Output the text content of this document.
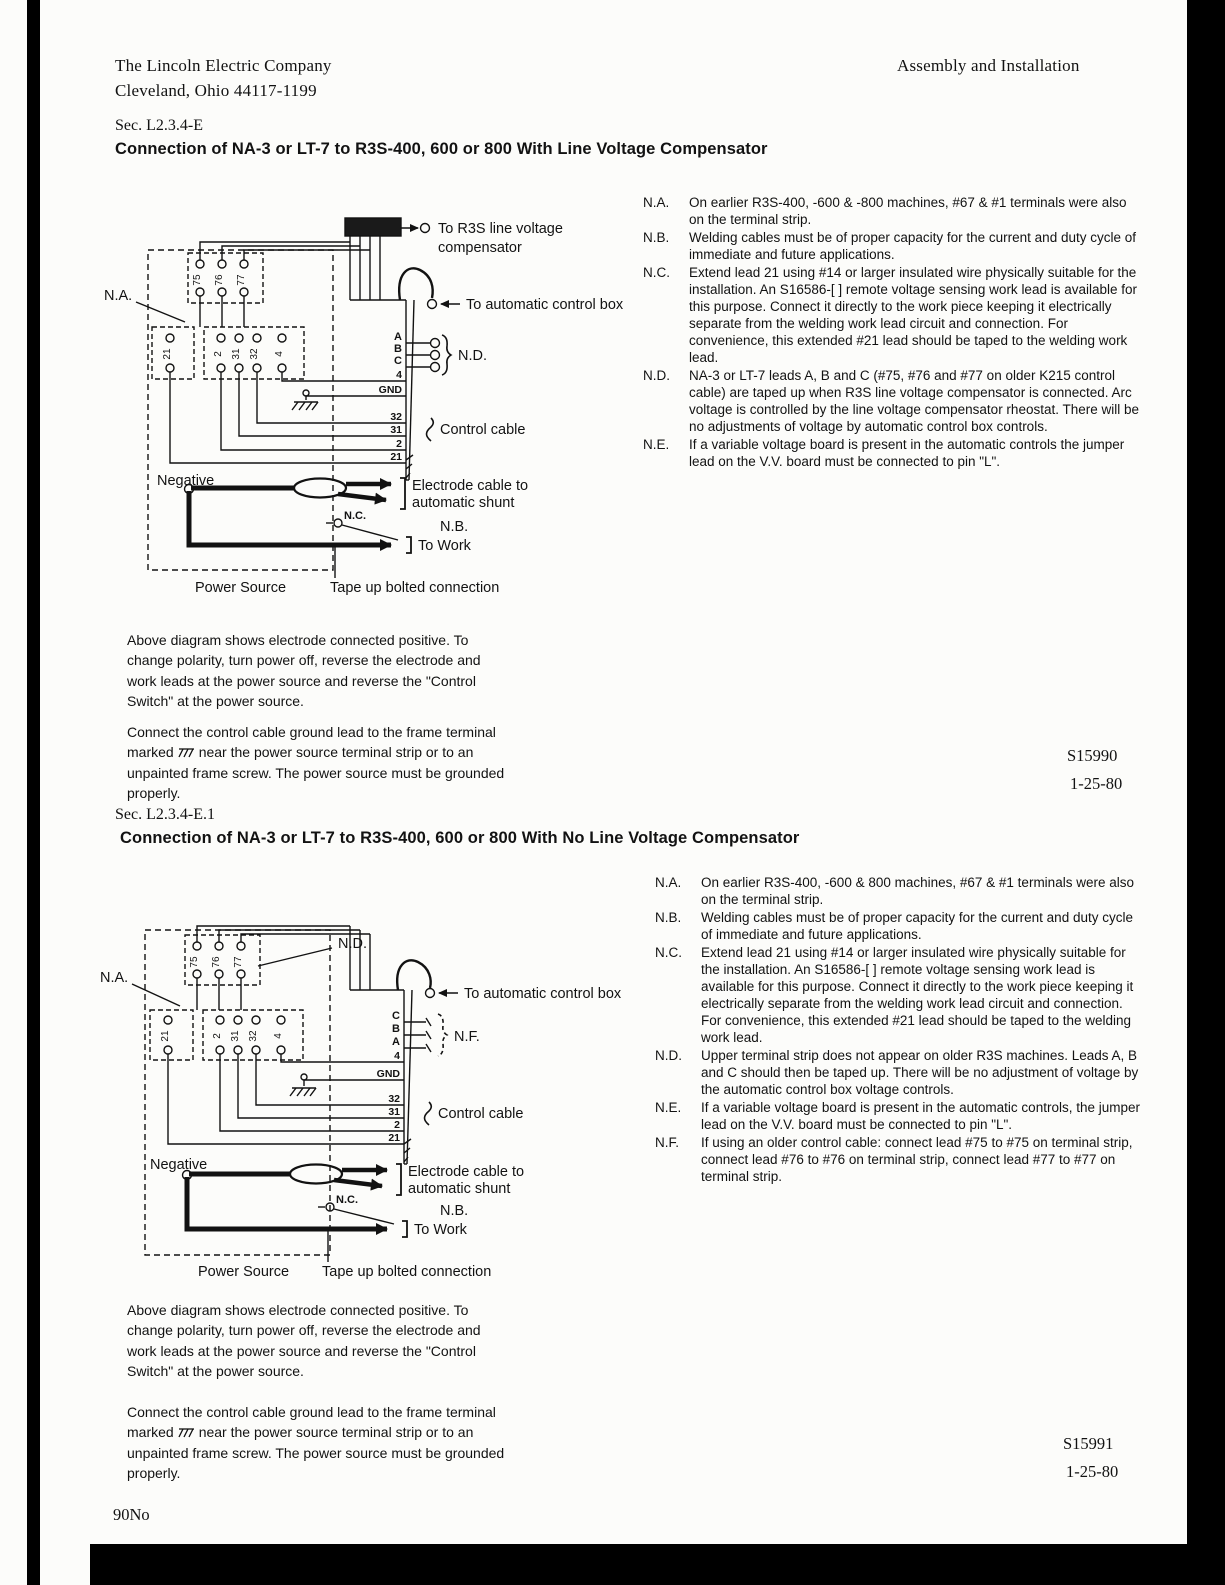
The Lincoln Electric Company
Cleveland, Ohio 44117-1199
Assembly and Installation
Sec. L2.3.4-E
Connection of NA-3 or LT-7 to R3S-400, 600 or 800 With Line Voltage Compensator
To R3S line voltage
compensator
N.A.
To automatic control box
N.D.
Control cable
Negative	Electrode cable to
automatic shunt
N.B.
To Work
Tape up bolted connection
Power Source
N.C.
A
B
C
4
GND
32
31
2
21
75 76 77
21	2 31 32 4
N.A.	On earlier R3S-400, -600 & -800 machines, #67 & #1 terminals were also on the terminal strip.
N.B.	Welding cables must be of proper capacity for the current and duty cycle of immediate and future applications.
N.C.	Extend lead 21 using #14 or larger insulated wire physically suitable for the installation. An S16586-[ ] remote voltage sensing work lead is available for this purpose. Connect it directly to the work piece keeping it electrically separate from the welding work lead circuit and connection. For convenience, this extended #21 lead should be taped to the welding work lead.
N.D.	NA-3 or LT-7 leads A, B and C (#75, #76 and #77 on older K215 control cable) are taped up when R3S line voltage compensator is connected. Arc voltage is controlled by the line voltage compensator rheostat. There will be no adjustments of voltage by automatic control box controls.
N.E.	If a variable voltage board is present in the automatic controls the jumper lead on the V.V. board must be connected to pin "L".
Above diagram shows electrode connected positive. To change polarity, turn power off, reverse the electrode and work leads at the power source and reverse the "Control Switch" at the power source.
Connect the control cable ground lead to the frame terminal marked near the power source terminal strip or to an unpainted frame screw. The power source must be grounded properly.
S15990
1-25-80
Sec. L2.3.4-E.1
Connection of NA-3 or LT-7 to R3S-400, 600 or 800 With No Line Voltage Compensator
N.D.
N.A.
To automatic control box
N.F.
Control cable
Negative	Electrode cable to
automatic shunt
N.B.
To Work
Tape up bolted connection
Power Source
N.C.
C
B
A
4
GND
32
31
2
21
75 76 77
21	2 31 32 4
N.A.	On earlier R3S-400, -600 & 800 machines, #67 & #1 terminals were also on the terminal strip.
N.B.	Welding cables must be of proper capacity for the current and duty cycle of immediate and future applications.
N.C.	Extend lead 21 using #14 or larger insulated wire physically suitable for the installation. An S16586-[ ] remote voltage sensing work lead is available for this purpose. Connect it directly to the work piece keeping it electrically separate from the welding work lead circuit and connection. For convenience, this extended #21 lead should be taped to the welding work lead.
N.D.	Upper terminal strip does not appear on older R3S machines. Leads A, B and C should then be taped up. There will be no adjustment of voltage by the automatic control box voltage controls.
N.E.	If a variable voltage board is present in the automatic controls, the jumper lead on the V.V. board must be connected to pin "L".
N.F.	If using an older control cable: connect lead #75 to #75 on terminal strip, connect lead #76 to #76 on terminal strip, connect lead #77 to #77 on terminal strip.
Above diagram shows electrode connected positive. To change polarity, turn power off, reverse the electrode and work leads at the power source and reverse the "Control Switch" at the power source.
Connect the control cable ground lead to the frame terminal marked near the power source terminal strip or to an unpainted frame screw. The power source must be grounded properly.
S15991
1-25-80
90No
